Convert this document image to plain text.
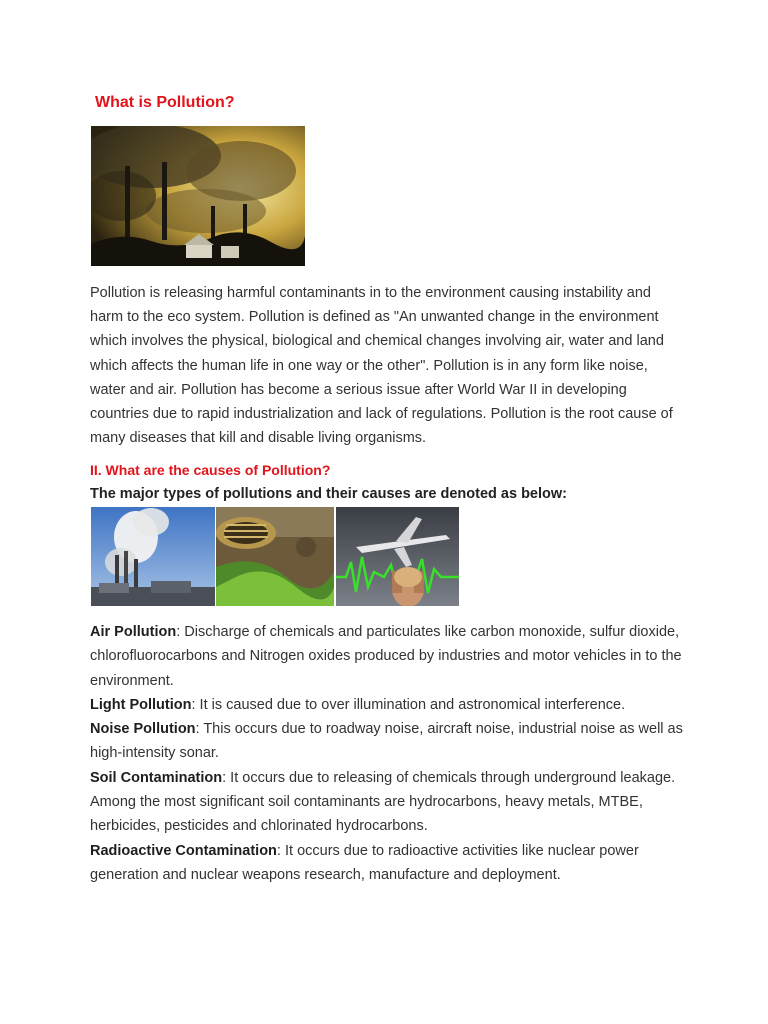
What is Pollution?

Pollution is releasing harmful contaminants in to the environment causing instability and harm to the eco system. Pollution is defined as "An unwanted change in the environment which involves the physical, biological and chemical changes involving air, water and land which affects the human life in one way or the other". Pollution is in any form like noise, water and air. Pollution has become a serious issue after World War II in developing countries due to rapid industrialization and lack of regulations. Pollution is the root cause of many diseases that kill and disable living organisms.

II. What are the causes of Pollution?

The major types of pollutions and their causes are denoted as below:

Air Pollution: Discharge of chemicals and particulates like carbon monoxide, sulfur dioxide, chlorofluorocarbons and Nitrogen oxides produced by industries and motor vehicles in to the environment.

Light Pollution: It is caused due to over illumination and astronomical interference.

Noise Pollution: This occurs due to roadway noise, aircraft noise, industrial noise as well as high-intensity sonar.

Soil Contamination: It occurs due to releasing of chemicals through underground leakage. Among the most significant soil contaminants are hydrocarbons, heavy metals, MTBE, herbicides, pesticides and chlorinated hydrocarbons.

Radioactive Contamination: It occurs due to radioactive activities like nuclear power generation and nuclear weapons research, manufacture and deployment.
